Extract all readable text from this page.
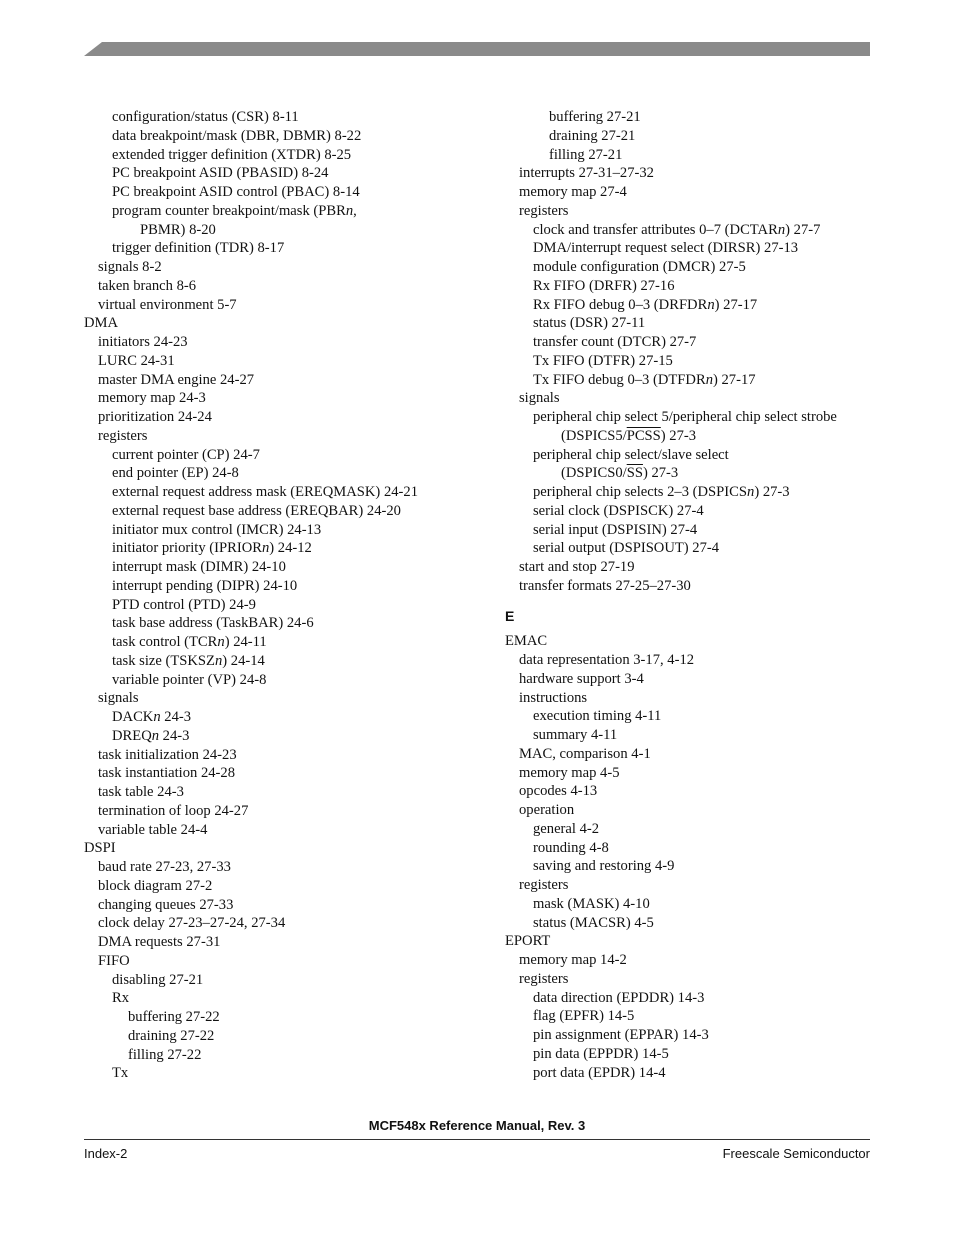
configuration/status (CSR) 8-11
data breakpoint/mask (DBR, DBMR) 8-22
extended trigger definition (XTDR) 8-25
PC breakpoint ASID (PBASID) 8-24
PC breakpoint ASID control (PBAC) 8-14
program counter breakpoint/mask (PBRn,
PBMR) 8-20
trigger definition (TDR) 8-17
signals 8-2
taken branch 8-6
virtual environment 5-7
DMA
initiators 24-23
LURC 24-31
master DMA engine 24-27
memory map 24-3
prioritization 24-24
registers
current pointer (CP) 24-7
end pointer (EP) 24-8
external request address mask (EREQMASK) 24-21
external request base address (EREQBAR) 24-20
initiator mux control (IMCR) 24-13
initiator priority (IPRIORn) 24-12
interrupt mask (DIMR) 24-10
interrupt pending (DIPR) 24-10
PTD control (PTD) 24-9
task base address (TaskBAR) 24-6
task control (TCRn) 24-11
task size (TSKSZn) 24-14
variable pointer (VP) 24-8
signals
DACKn 24-3
DREQn 24-3
task initialization 24-23
task instantiation 24-28
task table 24-3
termination of loop 24-27
variable table 24-4
DSPI
baud rate 27-23, 27-33
block diagram 27-2
changing queues 27-33
clock delay 27-23–27-24, 27-34
DMA requests 27-31
FIFO
disabling 27-21
Rx
buffering 27-22
draining 27-22
filling 27-22
Tx
buffering 27-21
draining 27-21
filling 27-21
interrupts 27-31–27-32
memory map 27-4
registers
clock and transfer attributes 0–7 (DCTARn) 27-7
DMA/interrupt request select (DIRSR) 27-13
module configuration (DMCR) 27-5
Rx FIFO (DRFR) 27-16
Rx FIFO debug 0–3 (DRFDRn) 27-17
status (DSR) 27-11
transfer count (DTCR) 27-7
Tx FIFO (DTFR) 27-15
Tx FIFO debug 0–3 (DTFDRn) 27-17
signals
peripheral chip select 5/peripheral chip select strobe
(DSPICS5/PCSS) 27-3
peripheral chip select/slave select
$(DSPICS0/\overline{SS})$ 27-3
peripheral chip selects 2–3 (DSPICSn) 27-3
serial clock (DSPISCK) 27-4
serial input (DSPISIN) 27-4
serial output (DSPISOUT) 27-4
start and stop 27-19
transfer formats 27-25–27-30
E
EMAC
data representation 3-17, 4-12
hardware support 3-4
instructions
execution timing 4-11
summary 4-11
MAC, comparison 4-1
memory map 4-5
opcodes 4-13
operation
general 4-2
rounding 4-8
saving and restoring 4-9
registers
mask (MASK) 4-10
status (MACSR) 4-5
EPORT
memory map 14-2
registers
data direction (EPDDR) 14-3
flag (EPFR) 14-5
pin assignment (EPPAR) 14-3
pin data (EPPDR) 14-5
port data (EPDR) 14-4
MCF548x Reference Manual, Rev. 3
Index-2	Freescale Semiconductor
